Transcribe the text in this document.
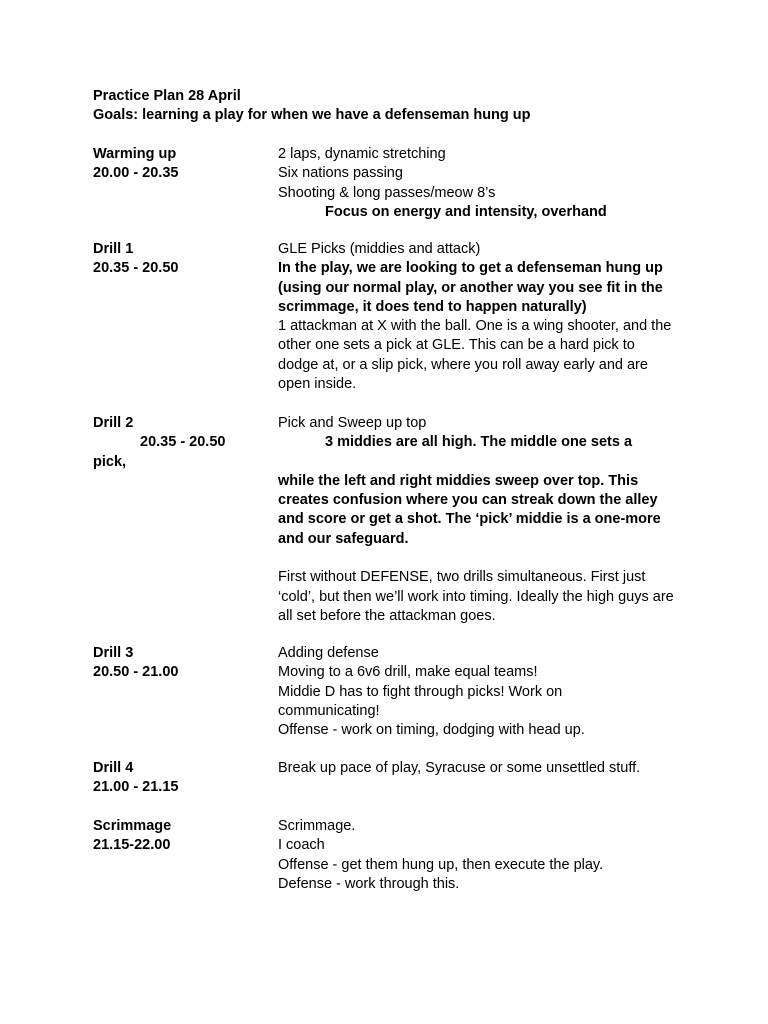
Practice Plan 28 April
Goals: learning a play for when we have a defenseman hung up
Warming up
20.00 - 20.35
2 laps, dynamic stretching
Six nations passing
Shooting & long passes/meow 8’s
Focus on energy and intensity, overhand
Drill 1
20.35 - 20.50
GLE Picks (middies and attack)
In the play, we are looking to get a defenseman hung up (using our normal play, or another way you see fit in the scrimmage, it does tend to happen naturally)
1 attackman at X with the ball. One is a wing shooter, and the other one sets a pick at GLE. This can be a hard pick to dodge at, or a slip pick, where you roll away early and are open inside.
Drill 2
20.35 - 20.50
pick,
Pick and Sweep up top
3 middies are all high. The middle one sets a
while the left and right middies sweep over top. This creates confusion where you can streak down the alley and score or get a shot. The ‘pick’ middie is a one-more and our safeguard.
First without DEFENSE, two drills simultaneous. First just ‘cold’, but then we’ll work into timing. Ideally the high guys are all set before the attackman goes.
Drill 3
20.50 - 21.00
Adding defense
Moving to a 6v6 drill, make equal teams!
Middie D has to fight through picks! Work on
communicating!
Offense - work on timing, dodging with head up.
Drill 4
21.00 - 21.15
Break up pace of play, Syracuse or some unsettled stuff.
Scrimmage
21.15-22.00
Scrimmage.
I coach
Offense - get them hung up, then execute the play.
Defense - work through this.
